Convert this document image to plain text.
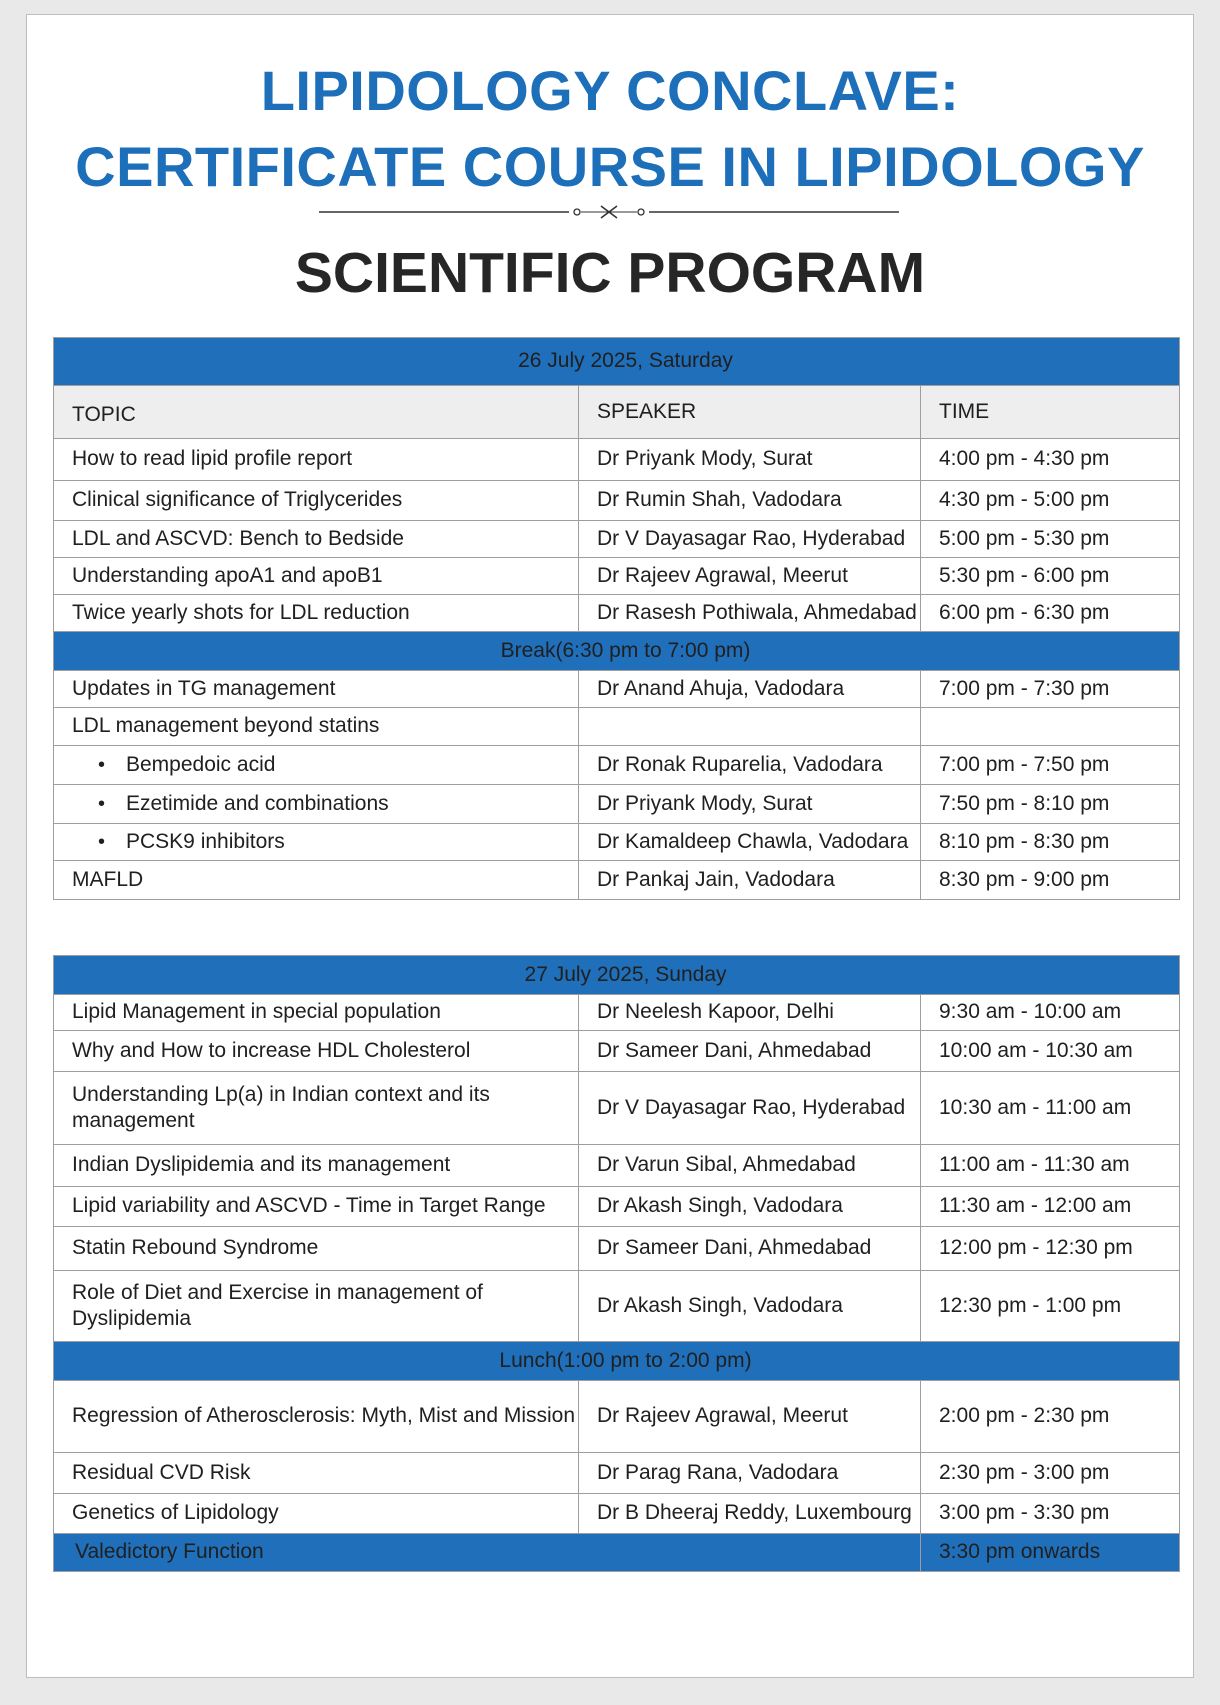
LIPIDOLOGY CONCLAVE:
CERTIFICATE COURSE IN LIPIDOLOGY
SCIENTIFIC PROGRAM
26 July 2025, Saturday		
TOPIC	SPEAKER	TIME
How to read lipid profile report	Dr Priyank Mody, Surat	4:00 pm - 4:30 pm
Clinical significance of Triglycerides	Dr Rumin Shah, Vadodara	4:30 pm - 5:00 pm
LDL and ASCVD: Bench to Bedside	Dr V Dayasagar Rao, Hyderabad	5:00 pm - 5:30 pm
Understanding apoA1 and apoB1	Dr Rajeev Agrawal, Meerut	5:30 pm - 6:00 pm
Twice yearly shots for LDL reduction	Dr Rasesh Pothiwala, Ahmedabad	6:00 pm - 6:30 pm
Break(6:30 pm to 7:00 pm)		
Updates in TG management	Dr Anand Ahuja, Vadodara	7:00 pm - 7:30 pm
LDL management beyond statins		
• Bempedoic acid	Dr Ronak Ruparelia, Vadodara	7:00 pm - 7:50 pm
• Ezetimide and combinations	Dr Priyank Mody, Surat	7:50 pm - 8:10 pm
• PCSK9 inhibitors	Dr Kamaldeep Chawla, Vadodara	8:10 pm - 8:30 pm
MAFLD	Dr Pankaj Jain, Vadodara	8:30 pm - 9:00 pm
27 July 2025, Sunday		
Lipid Management in special population	Dr Neelesh Kapoor, Delhi	9:30 am - 10:00 am
Why and How to increase HDL Cholesterol	Dr Sameer Dani, Ahmedabad	10:00 am - 10:30 am
Understanding Lp(a) in Indian context and its management	Dr V Dayasagar Rao, Hyderabad	10:30 am - 11:00 am
Indian Dyslipidemia and its management	Dr Varun Sibal, Ahmedabad	11:00 am - 11:30 am
Lipid variability and ASCVD - Time in Target Range	Dr Akash Singh, Vadodara	11:30 am - 12:00 am
Statin Rebound Syndrome	Dr Sameer Dani, Ahmedabad	12:00 pm - 12:30 pm
Role of Diet and Exercise in management of Dyslipidemia	Dr Akash Singh, Vadodara	12:30 pm - 1:00 pm
Lunch(1:00 pm to 2:00 pm)		
Regression of Atherosclerosis: Myth, Mist and Mission	Dr Rajeev Agrawal, Meerut	2:00 pm - 2:30 pm
Residual CVD Risk	Dr Parag Rana, Vadodara	2:30 pm - 3:00 pm
Genetics of Lipidology	Dr B Dheeraj Reddy, Luxembourg	3:00 pm - 3:30 pm
Valedictory Function		3:30 pm onwards
